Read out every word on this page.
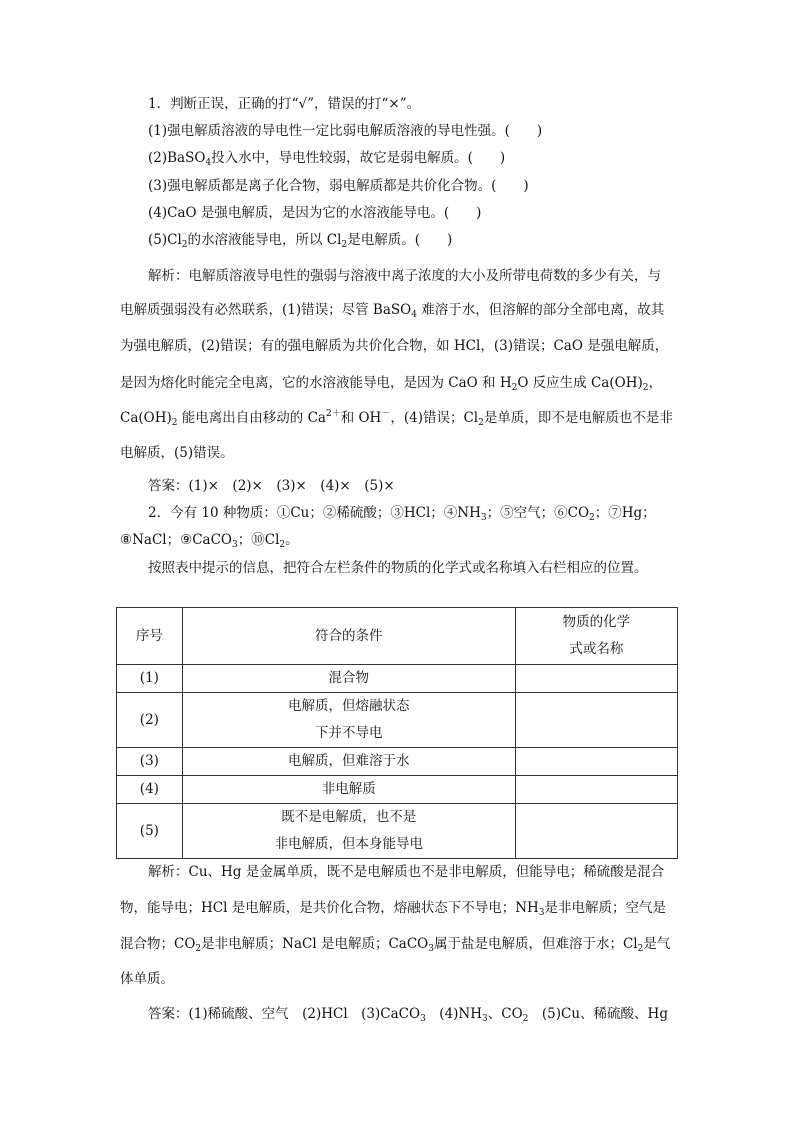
1．判断正误，正确的打“√”，错误的打“×”。
(1)强电解质溶液的导电性一定比弱电解质溶液的导电性强。(　　)
(2)BaSO$_4$投入水中，导电性较弱，故它是弱电解质。(　　)
(3)强电解质都是离子化合物，弱电解质都是共价化合物。(　　)
(4)CaO 是强电解质，是因为它的水溶液能导电。(　　)
$(5)Cl_2$的水溶液能导电，所以 $Cl_2$是电解质。(　　)
解析：电解质溶液导电性的强弱与溶液中离子浓度的大小及所带电荷数的多少有关，与
电解质强弱没有必然联系，(1)错误；尽管 BaSO$_4$ 难溶于水，但溶解的部分全部电离，故其
为强电解质，(2)错误；有的强电解质为共价化合物，如 HCl，(3)错误；CaO 是强电解质，
是因为熔化时能完全电离，它的水溶液能导电，是因为 CaO 和 $H_2O$ 反应生成 $Ca(OH)_2$，
$Ca(OH)_2$ 能电离出自由移动的 $Ca^{2+}$和 OH－，(4)错误；$Cl_2$是单质，即不是电解质也不是非
电解质，(5)错误。
答案：(1)×　(2)×　(3)×　(4)×　(5)×
2．今有 10 种物质：①Cu；②稀硫酸；③HCl；$④NH_3$；⑤空气；$⑥CO_2$；⑦Hg；
⑧NaCl；⑨CaCO$_3$；$⑩Cl_2$。
按照表中提示的信息，把符合左栏条件的物质的化学式或名称填入右栏相应的位置。
序号	符合的条件	物质的化学
式或名称

(1)	混合物	
(2)	电解质，但熔融状态
下并不导电	

(3)	电解质，但难溶于水	
(4)	非电解质	
(5)	既不是电解质，也不是
非电解质，但本身能导电	

解析：Cu、Hg 是金属单质，既不是电解质也不是非电解质，但能导电；稀硫酸是混合
物，能导电；HCl 是电解质，是共价化合物，熔融状态下不导电；$NH_3$是非电解质；空气是
混合物；$CO_2$是非电解质；NaCl 是电解质；CaCO$_3$属于盐是电解质，但难溶于水；$Cl_2$是气
体单质。
答案：(1)稀硫酸、空气　(2)HCl　(3)CaCO$_3$　$(4)NH_3$、$CO_2$　(5)Cu、稀硫酸、Hg
